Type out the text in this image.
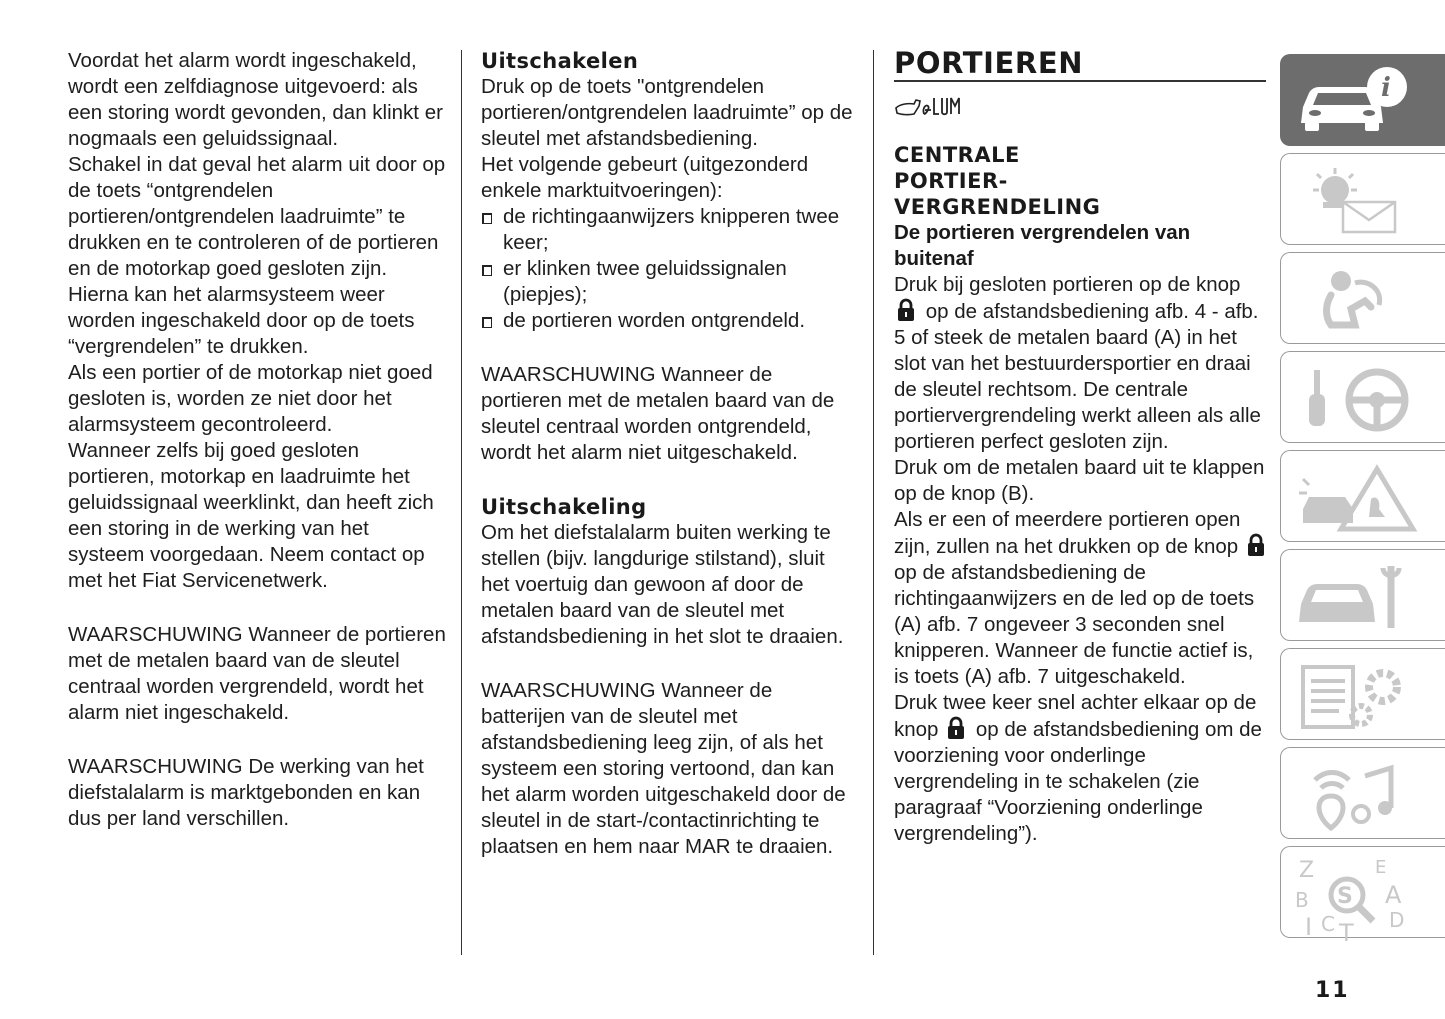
Voordat het alarm wordt ingeschakeld, wordt een zelfdiagnose uitgevoerd: als een storing wordt gevonden, dan klinkt er nogmaals een geluidssignaal.

Schakel in dat geval het alarm uit door op de toets “ontgrendelen portieren/ontgrendelen laadruimte” te drukken en te controleren of de portieren en de motorkap goed gesloten zijn. Hierna kan het alarmsysteem weer worden ingeschakeld door op de toets “vergrendelen” te drukken.

Als een portier of de motorkap niet goed gesloten is, worden ze niet door het alarmsysteem gecontroleerd.

Wanneer zelfs bij goed gesloten portieren, motorkap en laadruimte het geluidssignaal weerklinkt, dan heeft zich een storing in de werking van het systeem voorgedaan. Neem contact op met het Fiat Servicenetwerk.

WAARSCHUWING Wanneer de portieren met de metalen baard van de sleutel centraal worden vergrendeld, wordt het alarm niet ingeschakeld.

WAARSCHUWING De werking van het diefstalalarm is marktgebonden en kan dus per land verschillen.

Uitschakelen

Druk op de toets "ontgrendelen portieren/ontgrendelen laadruimte” op de sleutel met afstandsbediening.

Het volgende gebeurt (uitgezonderd enkele marktuitvoeringen):

de richtingaanwijzers knipperen twee keer;

er klinken twee geluidssignalen (piepjes);

de portieren worden ontgrendeld.

WAARSCHUWING Wanneer de portieren met de metalen baard van de sleutel centraal worden ontgrendeld, wordt het alarm niet uitgeschakeld.

Uitschakeling

Om het diefstalalarm buiten werking te stellen (bijv. langdurige stilstand), sluit het voertuig dan gewoon af door de metalen baard van de sleutel met afstandsbediening in het slot te draaien.

WAARSCHUWING Wanneer de batterijen van de sleutel met afstandsbediening leeg zijn, of als het systeem een storing vertoond, dan kan het alarm worden uitgeschakeld door de sleutel in de start-/contactinrichting te plaatsen en hem naar MAR te draaien.

PORTIEREN
CENTRALE
PORTIER-
VERGRENDELING
De portieren vergrendelen van buitenaf

Druk bij gesloten portieren op de knop  op de afstandsbediening afb. 4 - afb. 5 of steek de metalen baard (A) in het slot van het bestuurdersportier en draai de sleutel rechtsom. De centrale portiervergrendeling werkt alleen als alle portieren perfect gesloten zijn.

Druk om de metalen baard uit te klappen op de knop (B).

Als er een of meerdere portieren open zijn, zullen na het drukken op de knop  op de afstandsbediening de richtingaanwijzers en de led op de toets (A) afb. 7 ongeveer 3 seconden snel knipperen. Wanneer de functie actief is, is toets (A) afb. 7 uitgeschakeld.

Druk twee keer snel achter elkaar op de knop op de afstandsbediening om de voorziening voor onderlinge vergrendeling in te schakelen (zie paragraaf “Voorziening onderlinge vergrendeling”).

i
Z	E
B	A
I C T D
S
11
